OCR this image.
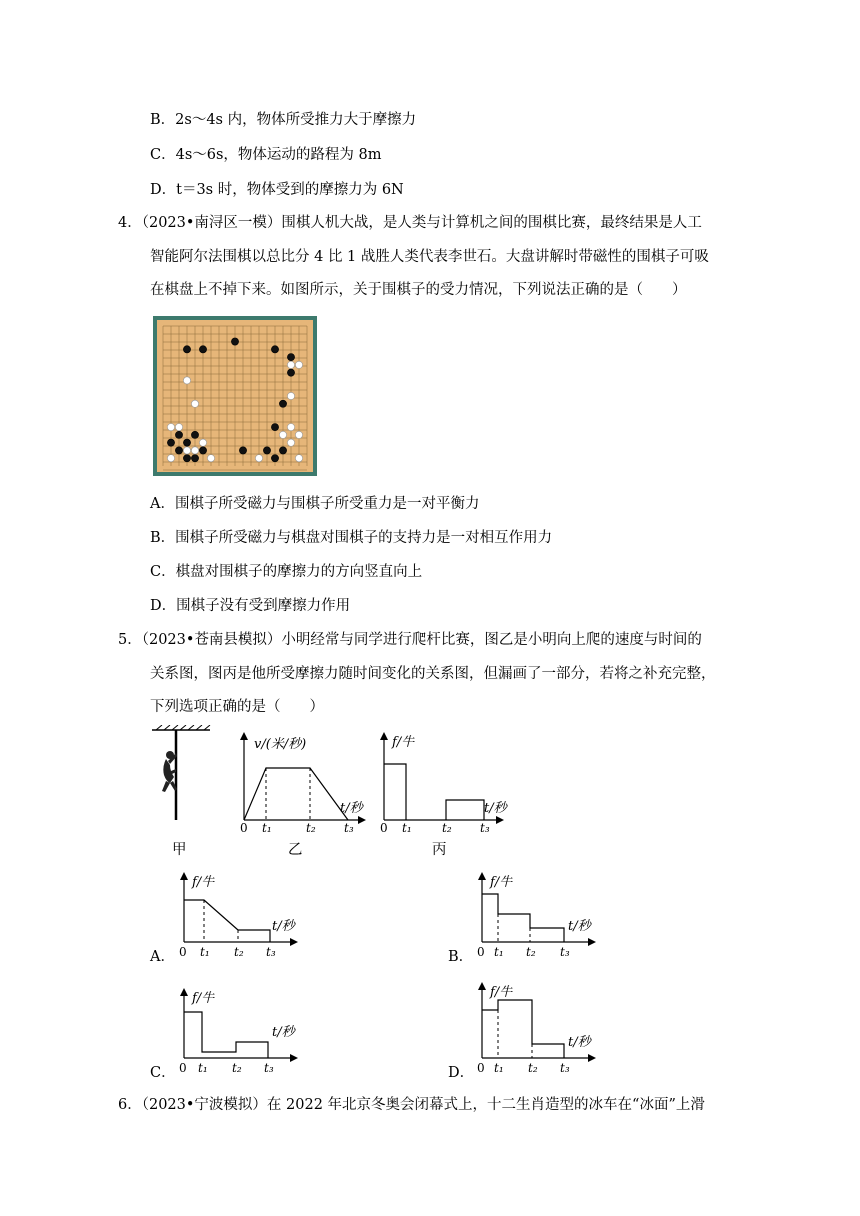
B．2s～4s 内，物体所受推力大于摩擦力
C．4s～6s，物体运动的路程为 8m
D．t＝3s 时，物体受到的摩擦力为 6N
4．（2023•南浔区一模）围棋人机大战，是人类与计算机之间的围棋比赛，最终结果是人工
智能阿尔法围棋以总比分 4 比 1 战胜人类代表李世石。大盘讲解时带磁性的围棋子可吸
在棋盘上不掉下来。如图所示，关于围棋子的受力情况，下列说法正确的是（　　）
A．围棋子所受磁力与围棋子所受重力是一对平衡力
B．围棋子所受磁力与棋盘对围棋子的支持力是一对相互作用力
C．棋盘对围棋子的摩擦力的方向竖直向上
D．围棋子没有受到摩擦力作用
5．（2023•苍南县模拟）小明经常与同学进行爬杆比赛，图乙是小明向上爬的速度与时间的
关系图，图丙是他所受摩擦力随时间变化的关系图，但漏画了一部分，若将之补充完整，
下列选项正确的是（　　）
甲
v/(米/秒)
t/秒
0 t₁	t₂ t₃
乙
f/牛
t/秒
0 t₁	t₂ t₃
丙
A．
f/牛
t/秒
0 t₁ t₂ t₃	B．
f/牛
t/秒
0 t₁ t₂ t₃
C．
f/牛
t/秒
0 t₁ t₂ t₃	D．
f/牛
t/秒
0 t₁ t₂ t₃
6．（2023•宁波模拟）在 2022 年北京冬奥会闭幕式上，十二生肖造型的冰车在“冰面”上滑
